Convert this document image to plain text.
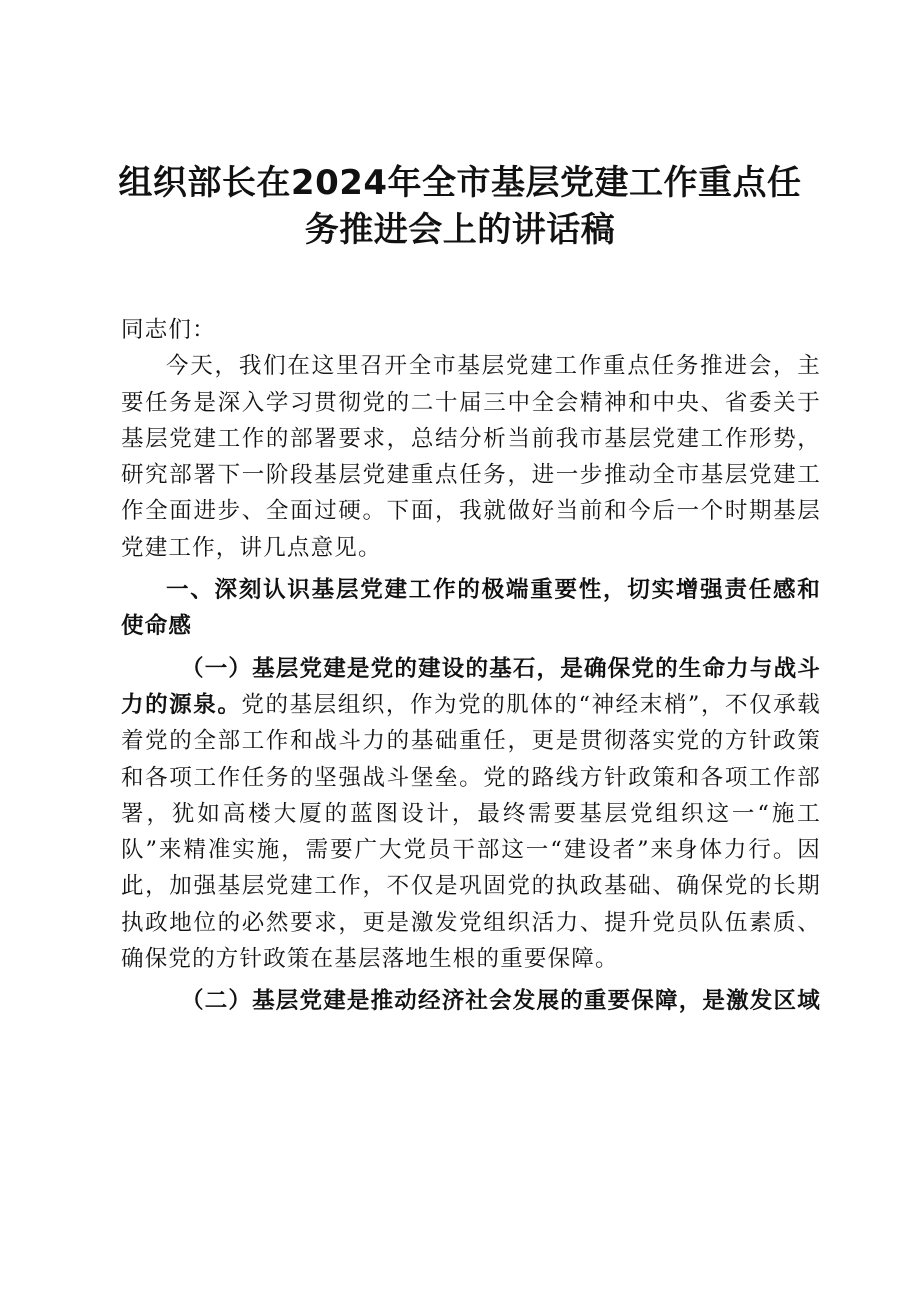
组织部长在2024年全市基层党建工作重点任
务推进会上的讲话稿

同志们：

今天，我们在这里召开全市基层党建工作重点任务推进会，主要任务是深入学习贯彻党的二十届三中全会精神和中央、省委关于基层党建工作的部署要求，总结分析当前我市基层党建工作形势，研究部署下一阶段基层党建重点任务，进一步推动全市基层党建工作全面进步、全面过硬。下面，我就做好当前和今后一个时期基层党建工作，讲几点意见。

一、深刻认识基层党建工作的极端重要性，切实增强责任感和使命感

（一）基层党建是党的建设的基石，是确保党的生命力与战斗力的源泉。党的基层组织，作为党的肌体的“神经末梢”，不仅承载着党的全部工作和战斗力的基础重任，更是贯彻落实党的方针政策和各项工作任务的坚强战斗堡垒。党的路线方针政策和各项工作部署，犹如高楼大厦的蓝图设计，最终需要基层党组织这一“施工队”来精准实施，需要广大党员干部这一“建设者”来身体力行。因此，加强基层党建工作，不仅是巩固党的执政基础、确保党的长期执政地位的必然要求，更是激发党组织活力、提升党员队伍素质、确保党的方针政策在基层落地生根的重要保障。

（二）基层党建是推动经济社会发展的重要保障，是激发区域
